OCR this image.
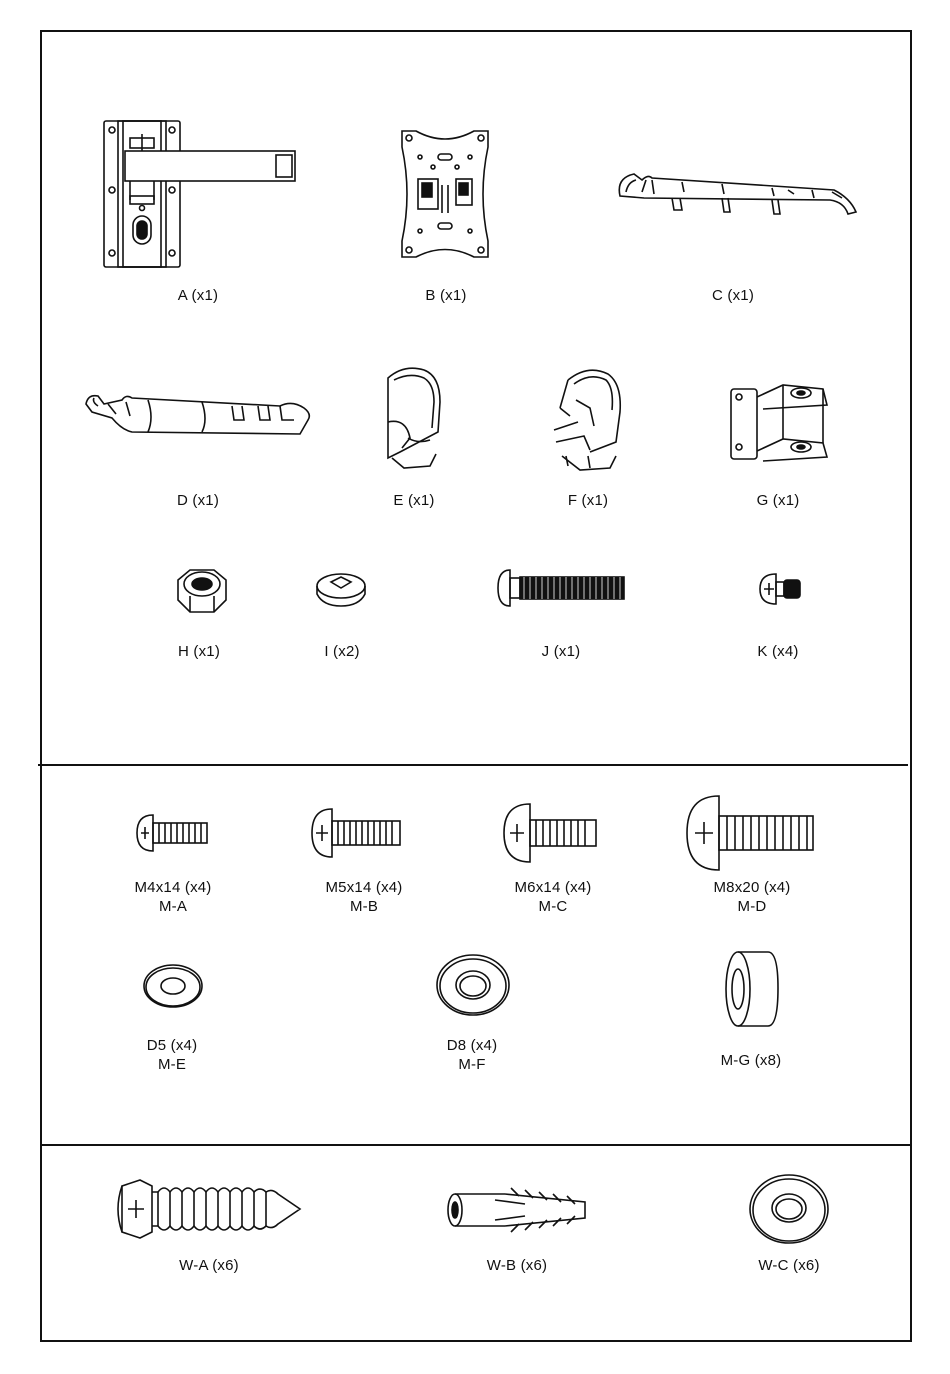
A (x1)	B (x1)	C (x1)
D (x1)	E (x1)	F (x1)	G (x1)
H (x1)	I (x2)	J (x1)	K (x4)
M4x14 (x4)
M-A
M5x14 (x4)
M-B
M6x14 (x4)
M-C
M8x20 (x4)
M-D
D5 (x4)
M-E
D8 (x4)
M-F	M-G (x8)
W-A (x6)	W-B (x6)	W-C (x6)
